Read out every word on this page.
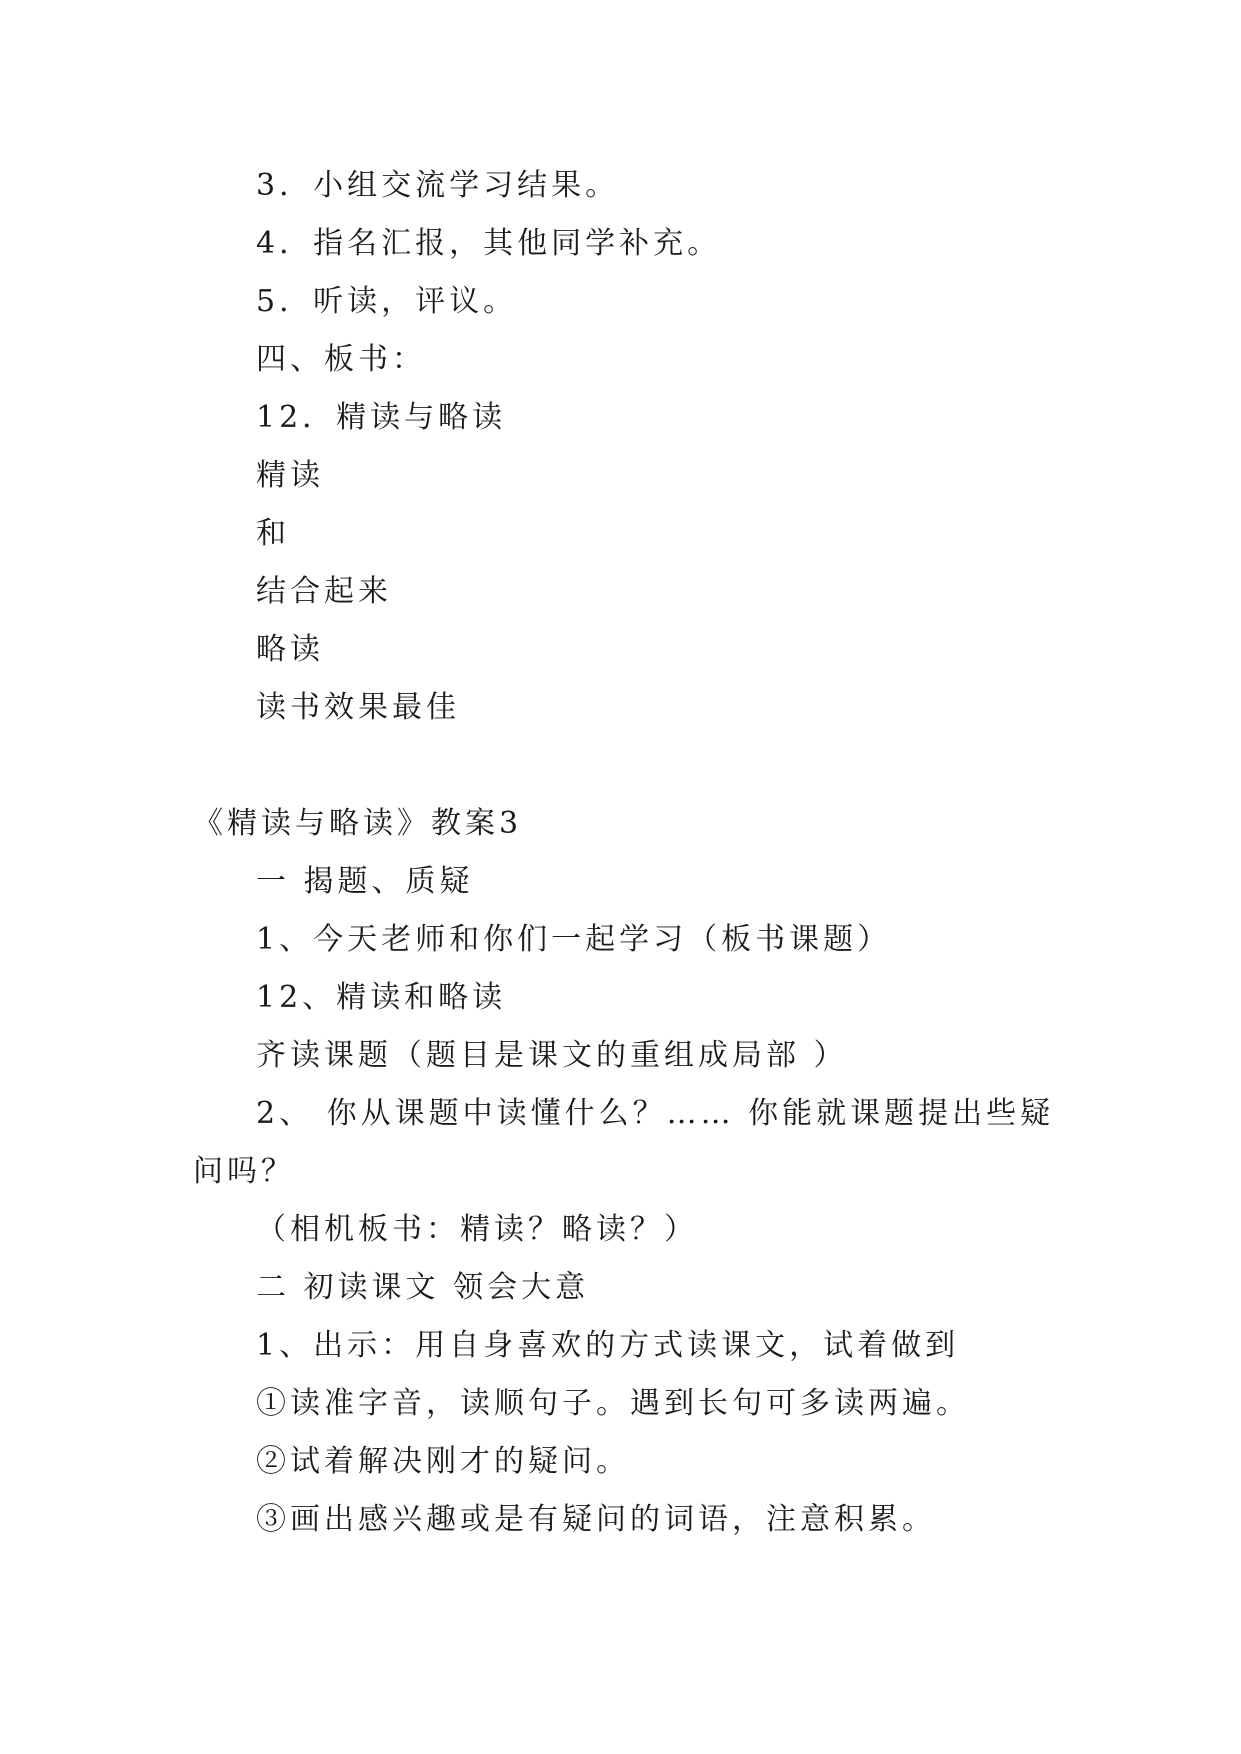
3．小组交流学习结果。
4．指名汇报，其他同学补充。
5．听读，评议。
四、板书：
12．精读与略读
精读
和
结合起来
略读
读书效果最佳
《精读与略读》教案3
一 揭题、质疑
1、今天老师和你们一起学习（板书课题）
12、精读和略读
齐读课题（题目是课文的重组成局部 ）
2、 你从课题中读懂什么？…… 你能就课题提出些疑
问吗？
（相机板书：精读？略读？）
二 初读课文 领会大意
1、出示：用自身喜欢的方式读课文，试着做到
①读准字音，读顺句子。遇到长句可多读两遍。
②试着解决刚才的疑问。
③画出感兴趣或是有疑问的词语，注意积累。
